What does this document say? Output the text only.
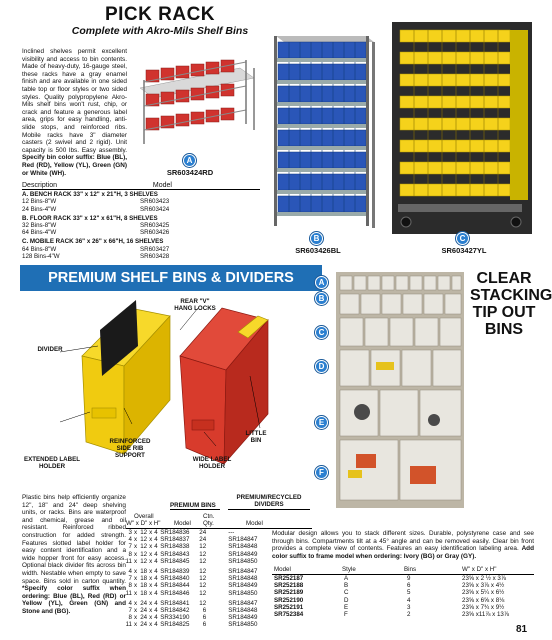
PICK RACK
Complete with Akro-Mils Shelf Bins
Inclined shelves permit excellent visibility and access to bin contents. Made of heavy-duty, 16-gauge steel, these racks have a gray enamel finish and are available in one sided table top or floor styles or two sided styles. Quality polypropylene Akro-Mils shelf bins won't rust, chip, or crack and feature a generous label area, grips for easy handling, anti-slide stops, and reinforced ribs. Mobile racks have 3" diameter casters (2 swivel and 2 rigid). Unit capacity is 500 lbs. Easy assembly. Specify bin color suffix: Blue (BL), Red (RD), Yellow (YL), Green (GN) or White (WH).
A
SR603424RD
B
SR603426BL
C
SR603427YL
Description	Model
A. BENCH RACK 33" x 12" x 21"H, 3 SHELVES
12 Bins-8"W	SR603423
24 Bins-4"W	SR603424
B. FLOOR RACK 33" x 12" x 61"H, 8 SHELVES
32 Bins-8"W	SR603425
64 Bins-4"W	SR603426
C. MOBILE RACK 36" x 26" x 66"H, 16 SHELVES
64 Bins-8"W	SR603427
128 Bins-4"W	SR603428
PREMIUM SHELF BINS & DIVIDERS
REAR "V" HANG LOCKS
DIVIDER
REINFORCED SIDE RIB SUPPORT
EXTENDED LABEL HOLDER
WIDE LABEL HOLDER
LITTLE BIN
Plastic bins help efficiently organize 12", 18" and 24" deep shelving units, or racks. Bins are waterproof and chemical, grease and oil resistant. Reinforced ribbed construction for added strength. Features slotted label holder for easy content identification and a wide hopper front for easy access. Optional black divider fits across bin width. Nestable when empty to save space. Bins sold in carton quantity. *Specify color suffix when ordering: Blue (BL), Red (RD) or Yellow (YL), Green (GN) and Stone and (BG).
PREMIUM BINS
PREMIUM/RECYCLED DIVIDERS
Overall	Ctn.
W" x D" x H" Model Qty.	Model
3	x	12	x	4	SR184836	24	---
4	x	12	x	4	SR184837	24	SR184847
7	x	12	x	4	SR184838	12	SR184848
8	x	12	x	4	SR184843	12	SR184849
11	x	12	x	4	SR184845	12	SR184850
4	x	18	x	4	SR184839	12	SR184847
7	x	18	x	4	SR184840	12	SR184848
8	x	18	x	4	SR184844	12	SR184849
11	x	18	x	4	SR184846	12	SR184850
4	x	24	x	4	SR184841	12	SR184847
7	x	24	x	4	SR184842	6	SR184848
8	x	24	x	4	SR334190	6	SR184849
11	x	24	x	4	SR184825	6	SR184850
A
B
C
D
E
F
CLEAR
STACKING
TIP OUT
BINS
Modular design allows you to stack different sizes. Durable, polystyrene case and see through bins. Compartments tilt at a 45° angle and can be removed easily. Clear bin front provides a complete view of contents. Features an easy identification labeling area. Add color suffix to frame model when ordering: Ivory (BG) or Gray (GY).
Model	Style	Bins	W" x D" x H"
SR252187	A	9	23⅝ x 2 ½ x 3⅞
SR252188	B	6	23⅝ x 3⅞ x 4½
SR252189	C	5	23⅝ x 5¼ x 6½
SR252190	D	4	23⅝ x 6⅝ x 8⅛
SR252191	E	3	23⅝ x 7¾ x 9½
SR752384	F	2	23⅝ x11⅞ x 13⅞
81
